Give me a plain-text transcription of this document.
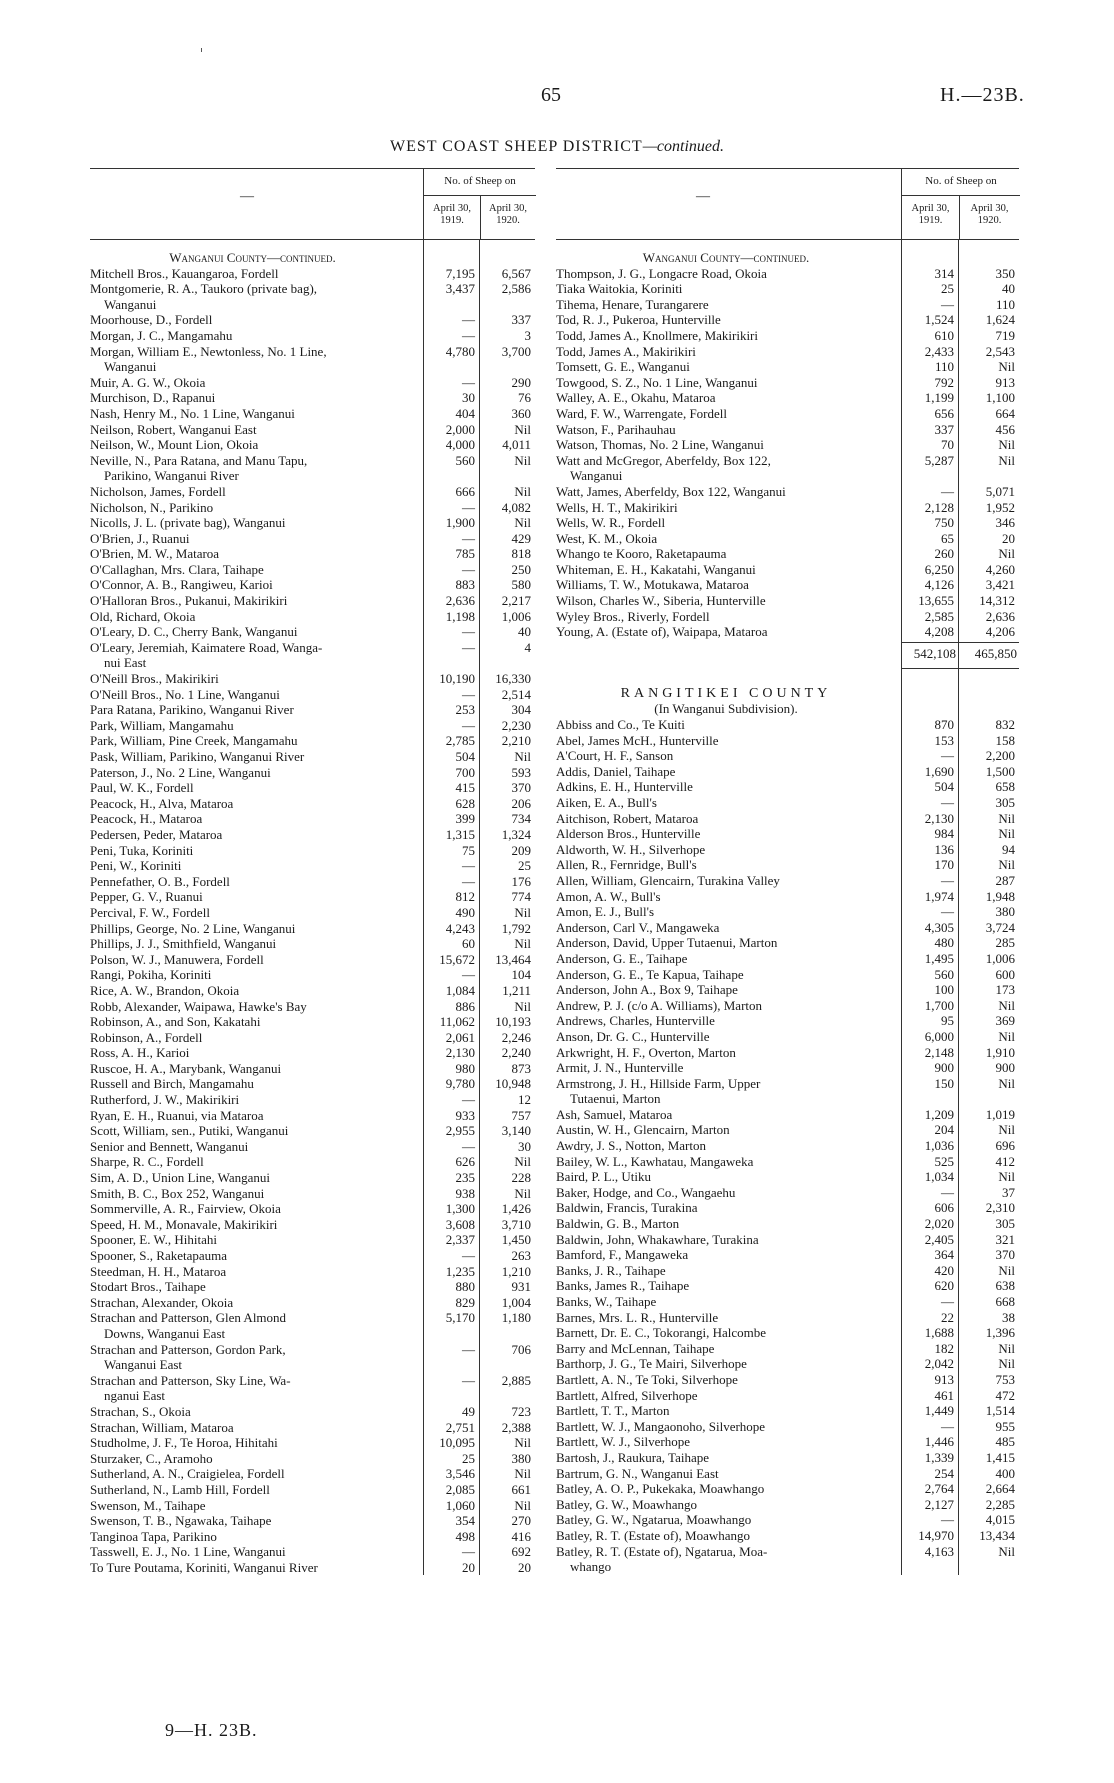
65	H.—23B.
WEST COAST SHEEP DISTRICT—continued.
—
No. of Sheep on
April 30,
1919.
April 30,
1920.
Wanganui County—continued.
Mitchell Bros., Kauangaroa, Fordell	7,195	6,567
Montgomerie, R. A., Taukoro (private bag),
Wanganui
3,437	2,586
Moorhouse, D., Fordell	—	337
Morgan, J. C., Mangamahu	—	3
Morgan, William E., Newtonless, No. 1 Line,
Wanganui
4,780	3,700
Muir, A. G. W., Okoia	—	290
Murchison, D., Rapanui	30	76
Nash, Henry M., No. 1 Line, Wanganui	404	360
Neilson, Robert, Wanganui East	2,000	Nil
Neilson, W., Mount Lion, Okoia	4,000	4,011
Neville, N., Para Ratana, and Manu Tapu,
Parikino, Wanganui River
560	Nil
Nicholson, James, Fordell	666	Nil
Nicholson, N., Parikino	—	4,082
Nicolls, J. L. (private bag), Wanganui	1,900	Nil
O'Brien, J., Ruanui	—	429
O'Brien, M. W., Mataroa	785	818
O'Callaghan, Mrs. Clara, Taihape	—	250
O'Connor, A. B., Rangiweu, Karioi	883	580
O'Halloran Bros., Pukanui, Makirikiri	2,636	2,217
Old, Richard, Okoia	1,198	1,006
O'Leary, D. C., Cherry Bank, Wanganui	—	40
O'Leary, Jeremiah, Kaimatere Road, Wanga-
nui East
—	4
O'Neill Bros., Makirikiri	10,190	16,330
O'Neill Bros., No. 1 Line, Wanganui	—	2,514
Para Ratana, Parikino, Wanganui River	253	304
Park, William, Mangamahu	—	2,230
Park, William, Pine Creek, Mangamahu	2,785	2,210
Pask, William, Parikino, Wanganui River	504	Nil
Paterson, J., No. 2 Line, Wanganui	700	593
Paul, W. K., Fordell	415	370
Peacock, H., Alva, Mataroa	628	206
Peacock, H., Mataroa	399	734
Pedersen, Peder, Mataroa	1,315	1,324
Peni, Tuka, Koriniti	75	209
Peni, W., Koriniti	—	25
Pennefather, O. B., Fordell	—	176
Pepper, G. V., Ruanui	812	774
Percival, F. W., Fordell	490	Nil
Phillips, George, No. 2 Line, Wanganui	4,243	1,792
Phillips, J. J., Smithfield, Wanganui	60	Nil
Polson, W. J., Manuwera, Fordell	15,672	13,464
Rangi, Pokiha, Koriniti	—	104
Rice, A. W., Brandon, Okoia	1,084	1,211
Robb, Alexander, Waipawa, Hawke's Bay	886	Nil
Robinson, A., and Son, Kakatahi	11,062	10,193
Robinson, A., Fordell	2,061	2,246
Ross, A. H., Karioi	2,130	2,240
Ruscoe, H. A., Marybank, Wanganui	980	873
Russell and Birch, Mangamahu	9,780	10,948
Rutherford, J. W., Makirikiri	—	12
Ryan, E. H., Ruanui, via Mataroa	933	757
Scott, William, sen., Putiki, Wanganui	2,955	3,140
Senior and Bennett, Wanganui	—	30
Sharpe, R. C., Fordell	626	Nil
Sim, A. D., Union Line, Wanganui	235	228
Smith, B. C., Box 252, Wanganui	938	Nil
Sommerville, A. R., Fairview, Okoia	1,300	1,426
Speed, H. M., Monavale, Makirikiri	3,608	3,710
Spooner, E. W., Hihitahi	2,337	1,450
Spooner, S., Raketapauma	—	263
Steedman, H. H., Mataroa	1,235	1,210
Stodart Bros., Taihape	880	931
Strachan, Alexander, Okoia	829	1,004
Strachan and Patterson, Glen Almond
Downs, Wanganui East
5,170	1,180
Strachan and Patterson, Gordon Park,
Wanganui East
—	706
Strachan and Patterson, Sky Line, Wa-
nganui East
—	2,885
Strachan, S., Okoia	49	723
Strachan, William, Mataroa	2,751	2,388
Studholme, J. F., Te Horoa, Hihitahi	10,095	Nil
Sturzaker, C., Aramoho	25	380
Sutherland, A. N., Craigielea, Fordell	3,546	Nil
Sutherland, N., Lamb Hill, Fordell	2,085	661
Swenson, M., Taihape	1,060	Nil
Swenson, T. B., Ngawaka, Taihape	354	270
Tanginoa Tapa, Parikino	498	416
Tasswell, E. J., No. 1 Line, Wanganui	—	692
To Ture Poutama, Koriniti, Wanganui River	20	20
—
No. of Sheep on
April 30,
1919.
April 30,
1920.
Wanganui County—continued.
Thompson, J. G., Longacre Road, Okoia	314	350
Tiaka Waitokia, Koriniti	25	40
Tihema, Henare, Turangarere	—	110
Tod, R. J., Pukeroa, Hunterville	1,524	1,624
Todd, James A., Knollmere, Makirikiri	610	719
Todd, James A., Makirikiri	2,433	2,543
Tomsett, G. E., Wanganui	110	Nil
Towgood, S. Z., No. 1 Line, Wanganui	792	913
Walley, A. E., Okahu, Mataroa	1,199	1,100
Ward, F. W., Warrengate, Fordell	656	664
Watson, F., Parihauhau	337	456
Watson, Thomas, No. 2 Line, Wanganui	70	Nil
Watt and McGregor, Aberfeldy, Box 122,
Wanganui
5,287	Nil
Watt, James, Aberfeldy, Box 122, Wanganui	—	5,071
Wells, H. T., Makirikiri	2,128	1,952
Wells, W. R., Fordell	750	346
West, K. M., Okoia	65	20
Whango te Kooro, Raketapauma	260	Nil
Whiteman, E. H., Kakatahi, Wanganui	6,250	4,260
Williams, T. W., Motukawa, Mataroa	4,126	3,421
Wilson, Charles W., Siberia, Hunterville	13,655	14,312
Wyley Bros., Riverly, Fordell	2,585	2,636
Young, A. (Estate of), Waipapa, Mataroa	4,208	4,206
542,108	465,850
RANGITIKEI COUNTY
(In Wanganui Subdivision).
Abbiss and Co., Te Kuiti	870	832
Abel, James McH., Hunterville	153	158
A'Court, H. F., Sanson	—	2,200
Addis, Daniel, Taihape	1,690	1,500
Adkins, E. H., Hunterville	504	658
Aiken, E. A., Bull's	—	305
Aitchison, Robert, Mataroa	2,130	Nil
Alderson Bros., Hunterville	984	Nil
Aldworth, W. H., Silverhope	136	94
Allen, R., Fernridge, Bull's	170	Nil
Allen, William, Glencairn, Turakina Valley	—	287
Amon, A. W., Bull's	1,974	1,948
Amon, E. J., Bull's	—	380
Anderson, Carl V., Mangaweka	4,305	3,724
Anderson, David, Upper Tutaenui, Marton	480	285
Anderson, G. E., Taihape	1,495	1,006
Anderson, G. E., Te Kapua, Taihape	560	600
Anderson, John A., Box 9, Taihape	100	173
Andrew, P. J. (c/o A. Williams), Marton	1,700	Nil
Andrews, Charles, Hunterville	95	369
Anson, Dr. G. C., Hunterville	6,000	Nil
Arkwright, H. F., Overton, Marton	2,148	1,910
Armit, J. N., Hunterville	900	900
Armstrong, J. H., Hillside Farm, Upper
Tutaenui, Marton
150	Nil
Ash, Samuel, Mataroa	1,209	1,019
Austin, W. H., Glencairn, Marton	204	Nil
Awdry, J. S., Notton, Marton	1,036	696
Bailey, W. L., Kawhatau, Mangaweka	525	412
Baird, P. L., Utiku	1,034	Nil
Baker, Hodge, and Co., Wangaehu	—	37
Baldwin, Francis, Turakina	606	2,310
Baldwin, G. B., Marton	2,020	305
Baldwin, John, Whakawhare, Turakina	2,405	321
Bamford, F., Mangaweka	364	370
Banks, J. R., Taihape	420	Nil
Banks, James R., Taihape	620	638
Banks, W., Taihape	—	668
Barnes, Mrs. L. R., Hunterville	22	38
Barnett, Dr. E. C., Tokorangi, Halcombe	1,688	1,396
Barry and McLennan, Taihape	182	Nil
Barthorp, J. G., Te Mairi, Silverhope	2,042	Nil
Bartlett, A. N., Te Toki, Silverhope	913	753
Bartlett, Alfred, Silverhope	461	472
Bartlett, T. T., Marton	1,449	1,514
Bartlett, W. J., Mangaonoho, Silverhope	—	955
Bartlett, W. J., Silverhope	1,446	485
Bartosh, J., Raukura, Taihape	1,339	1,415
Bartrum, G. N., Wanganui East	254	400
Batley, A. O. P., Pukekaka, Moawhango	2,764	2,664
Batley, G. W., Moawhango	2,127	2,285
Batley, G. W., Ngatarua, Moawhango	—	4,015
Batley, R. T. (Estate of), Moawhango	14,970	13,434
Batley, R. T. (Estate of), Ngatarua, Moa-
whango
4,163	Nil
9—H. 23B.
